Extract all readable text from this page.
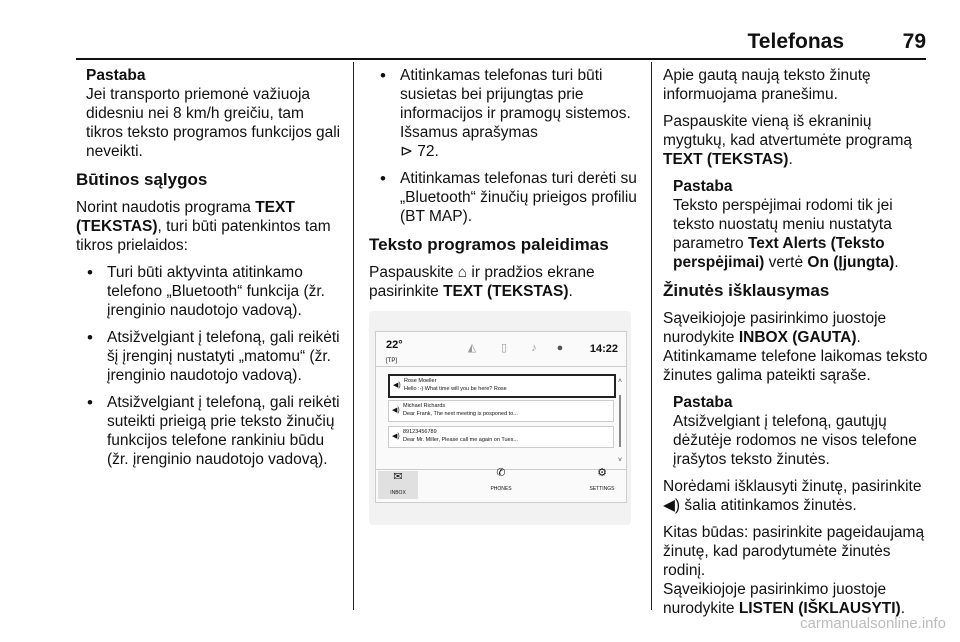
Telefonas	79
Pastaba
Jei transporto priemonė važiuoja didesniu nei 8 km/h greičiu, tam tikros teksto programos funkcijos gali neveikti.
Būtinos sąlygos

Norint naudotis programa TEXT (TEKSTAS), turi būti patenkintos tam tikros prielaidos:

• Turi būti aktyvinta atitinkamo telefono „Bluetooth“ funkcija (žr. įrenginio naudotojo vadovą).
• Atsižvelgiant į telefoną, gali reikėti šį įrenginį nustatyti „matomu“ (žr. įrenginio naudotojo vadovą).
• Atsižvelgiant į telefoną, gali reikėti suteikti prieigą prie teksto žinučių funkcijos telefone rankiniu būdu (žr. įrenginio naudotojo vadovą).
• Atitinkamas telefonas turi būti susietas bei prijungtas prie informacijos ir pramogų sistemos. Išsamus aprašymas
⊳ 72.
• Atitinkamas telefonas turi derėti su „Bluetooth“ žinučių prieigos profiliu (BT MAP).
Teksto programos paleidimas

Paspauskite ⌂ ir pradžios ekrane pasirinkite TEXT (TEKSTAS).

22°
[TP]
◭ ▯ ♪ ● 14:22
◀)
Rose Moeller
Hello :-) What time will you be here? Rose
◀)
Michael Richards
Dear Frank, The next meeting is posponed to...
◀)
89123456789
Dear Mr. Miller, Please call me again on Tues...
˄
˅
✉
INBOX
✆
PHONES
⚙
SETTINGS

Apie gautą naują teksto žinutę informuojama pranešimu.

Paspauskite vieną iš ekraninių mygtukų, kad atvertumėte programą TEXT (TEKSTAS).

Pastaba
Teksto perspėjimai rodomi tik jei teksto nuostatų meniu nustatyta parametro Text Alerts (Teksto perspėjimai) vertė On (Įjungta).
Žinutės išklausymas

Sąveikiojoje pasirinkimo juostoje nurodykite INBOX (GAUTA). Atitinkamame telefone laikomas teksto žinutes galima pateikti sąraše.

Pastaba
Atsižvelgiant į telefoną, gautųjų dėžutėje rodomos ne visos telefone įrašytos teksto žinutės.

Norėdami išklausyti žinutę, pasirinkite ◀) šalia atitinkamos žinutės.

Kitas būdas: pasirinkite pageidaujamą žinutę, kad parodytumėte žinutės rodinį.
Sąveikiojoje pasirinkimo juostoje nurodykite LISTEN (IŠKLAUSYTI).

carmanualsonline.info
